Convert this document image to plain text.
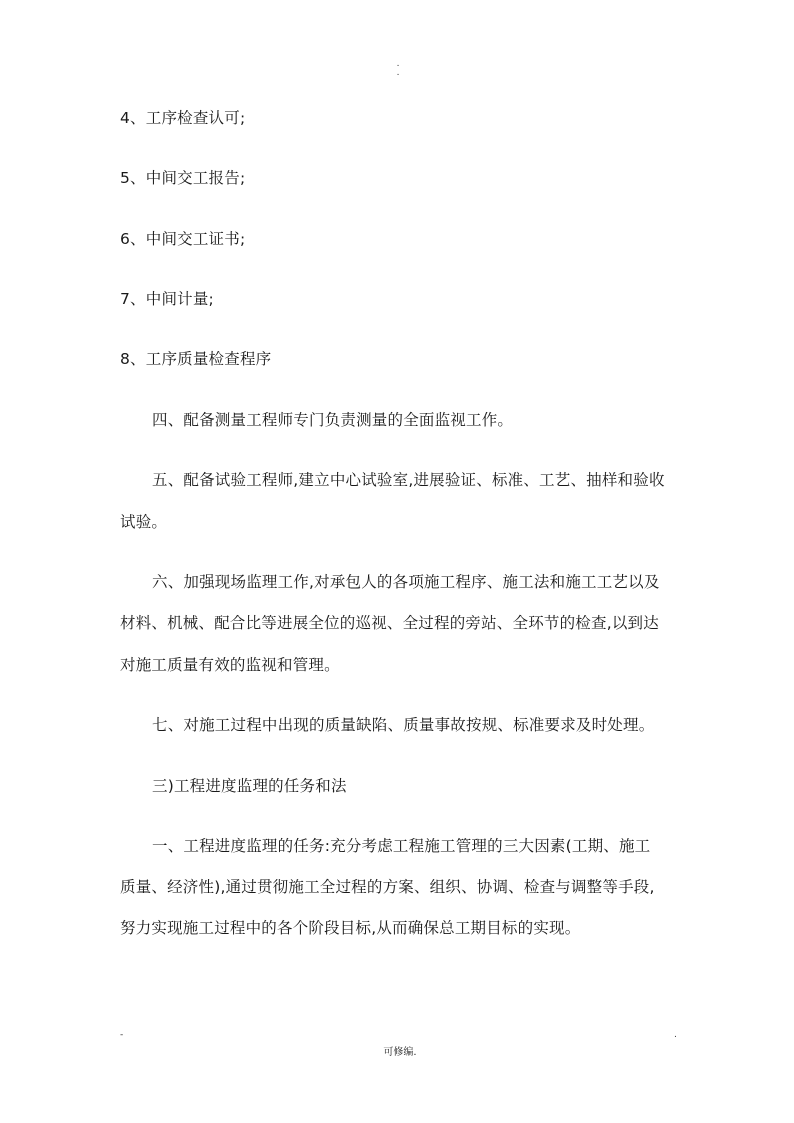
.
.
4、工序检查认可;
5、中间交工报告;
6、中间交工证书;
7、中间计量;
8、工序质量检查程序
四、配备测量工程师专门负责测量的全面监视工作。
五、配备试验工程师,建立中心试验室,进展验证、标准、工艺、抽样和验收
试验。
六、加强现场监理工作,对承包人的各项施工程序、施工法和施工工艺以及
材料、机械、配合比等进展全位的巡视、全过程的旁站、全环节的检查,以到达
对施工质量有效的监视和管理。
七、对施工过程中出现的质量缺陷、质量事故按规、标准要求及时处理。
三)工程进度监理的任务和法
一、工程进度监理的任务:充分考虑工程施工管理的三大因素(工期、施工
质量、经济性),通过贯彻施工全过程的方案、组织、协调、检查与调整等手段,
努力实现施工过程中的各个阶段目标,从而确保总工期目标的实现。
-	.
可修编.
